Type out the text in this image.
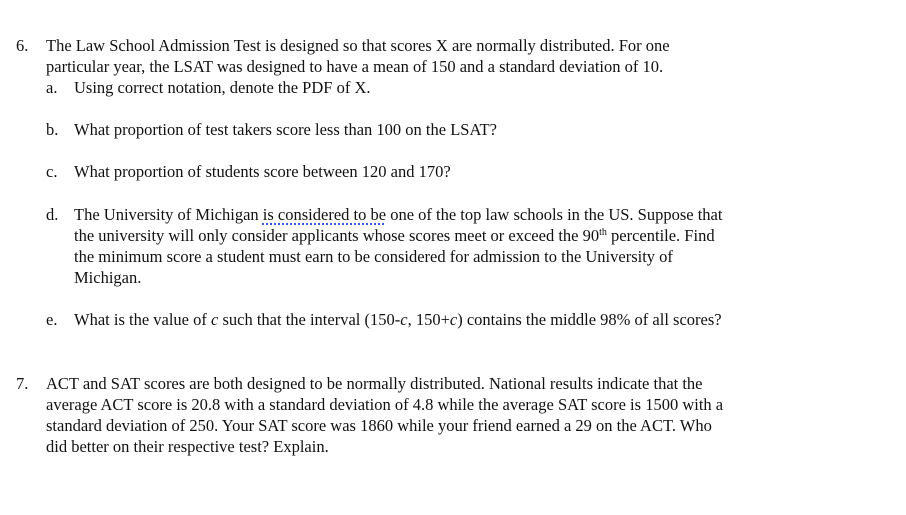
6. The Law School Admission Test is designed so that scores X are normally distributed. For one
particular year, the LSAT was designed to have a mean of 150 and a standard deviation of 10.
a. Using correct notation, denote the PDF of X.
b. What proportion of test takers score less than 100 on the LSAT?
c. What proportion of students score between 120 and 170?
d. The University of Michigan is considered to be one of the top law schools in the US. Suppose that
the university will only consider applicants whose scores meet or exceed the 90th percentile. Find
the minimum score a student must earn to be considered for admission to the University of
Michigan.
e. What is the value of c such that the interval (150-c, 150+c) contains the middle 98% of all scores?
7. ACT and SAT scores are both designed to be normally distributed. National results indicate that the
average ACT score is 20.8 with a standard deviation of 4.8 while the average SAT score is 1500 with a
standard deviation of 250. Your SAT score was 1860 while your friend earned a 29 on the ACT. Who
did better on their respective test? Explain.
